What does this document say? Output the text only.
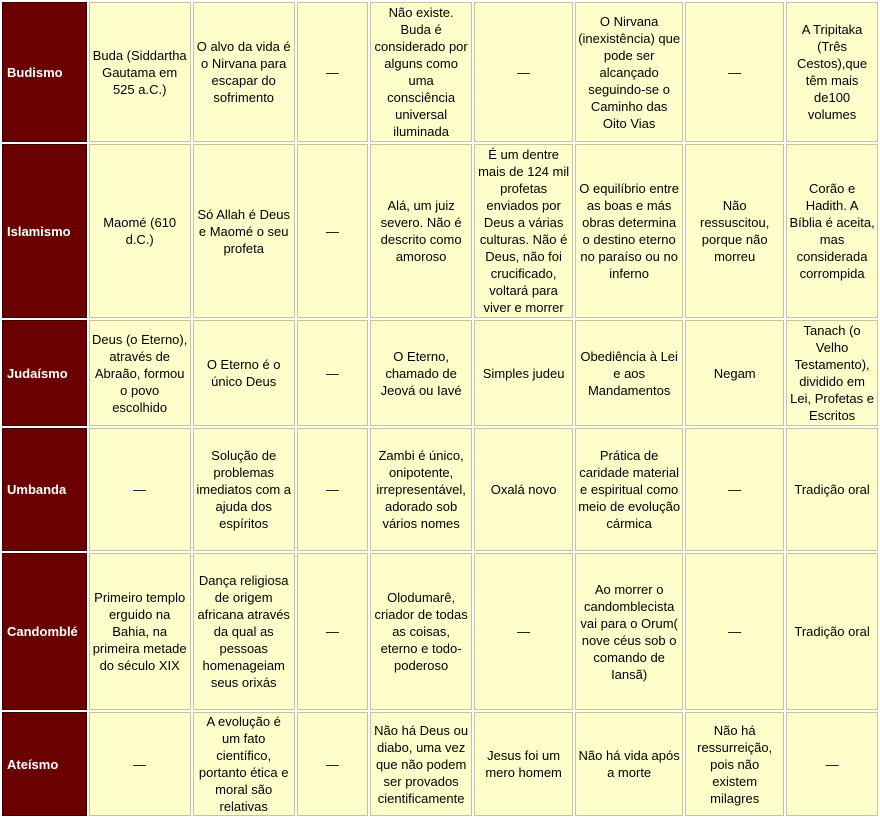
Budismo	Buda (Siddartha Gautama em 525 a.C.)	O alvo da vida é o Nirvana para escapar do sofrimento	—	Não existe. Buda é considerado por alguns como uma consciência universal iluminada	—	O Nirvana (inexistência) que pode ser alcançado seguindo-se o Caminho das Oito Vias	—	A Tripitaka (Três Cestos),que têm mais de100 volumes
Islamismo	Maomé (610 d.C.)	Só Allah é Deus e Maomé o seu profeta	—	Alá, um juiz severo. Não é descrito como amoroso	É um dentre mais de 124 mil profetas enviados por Deus a várias culturas. Não é Deus, não foi crucificado, voltará para viver e morrer	O equilíbrio entre as boas e más obras determina o destino eterno no paraíso ou no inferno	Não ressuscitou, porque não morreu	Corão e Hadith. A Bíblia é aceita, mas considerada corrompida
Judaísmo	Deus (o Eterno), através de Abraão, formou o povo escolhido	O Eterno é o único Deus	—	O Eterno, chamado de Jeová ou Iavé	Simples judeu	Obediência à Lei e aos Mandamentos	Negam	Tanach (o Velho Testamento), dividido em Lei, Profetas e Escritos
Umbanda	—	Solução de problemas imediatos com a ajuda dos espíritos	—	Zambi é único, onipotente, irrepresentável, adorado sob vários nomes	Oxalá novo	Prática de caridade material e espiritual como meio de evolução cármica	—	Tradição oral
Candomblé	Primeiro templo erguido na Bahia, na primeira metade do século XIX	Dança religiosa de origem africana através da qual as pessoas homenageiam seus orixás	—	Olodumarê, criador de todas as coisas, eterno e todo-poderoso	—	Ao morrer o candomblecista vai para o Orum( nove céus sob o comando de Iansã)	—	Tradição oral
Ateísmo	—	A evolução é um fato científico, portanto ética e moral são relativas	—	Não há Deus ou diabo, uma vez que não podem ser provados cientificamente	Jesus foi um mero homem	Não há vida após a morte	Não há ressurreição, pois não existem milagres	—
